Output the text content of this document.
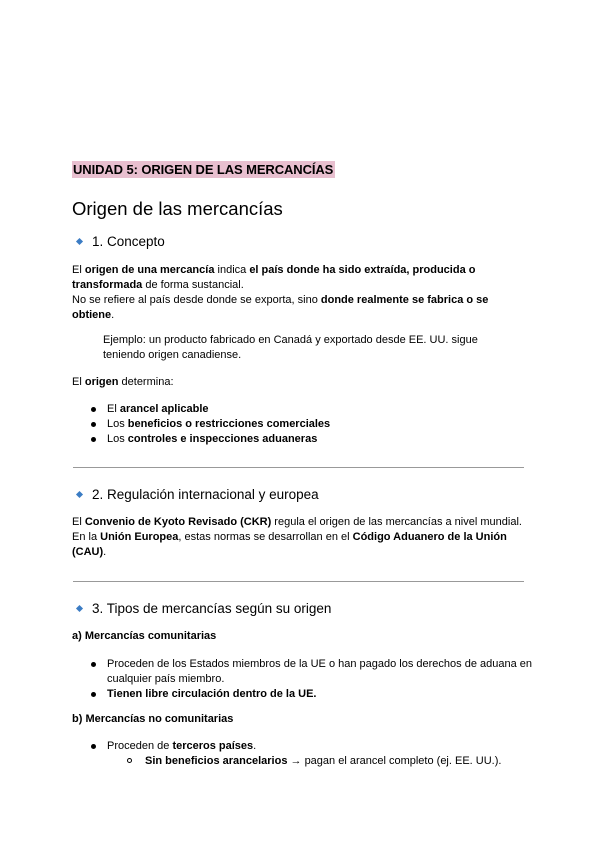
UNIDAD 5: ORIGEN DE LAS MERCANCÍAS
Origen de las mercancías
1. Concepto
El origen de una mercancía indica el país donde ha sido extraída, producida o transformada de forma sustancial.
No se refiere al país desde donde se exporta, sino donde realmente se fabrica o se obtiene.
Ejemplo: un producto fabricado en Canadá y exportado desde EE. UU. sigue teniendo origen canadiense.
El origen determina:
El arancel aplicable
Los beneficios o restricciones comerciales
Los controles e inspecciones aduaneras
2. Regulación internacional y europea
El Convenio de Kyoto Revisado (CKR) regula el origen de las mercancías a nivel mundial.
En la Unión Europea, estas normas se desarrollan en el Código Aduanero de la Unión (CAU).
3. Tipos de mercancías según su origen
a) Mercancías comunitarias
Proceden de los Estados miembros de la UE o han pagado los derechos de aduana en cualquier país miembro.
Tienen libre circulación dentro de la UE.
b) Mercancías no comunitarias
Proceden de terceros países.
Sin beneficios arancelarios → pagan el arancel completo (ej. EE. UU.).
